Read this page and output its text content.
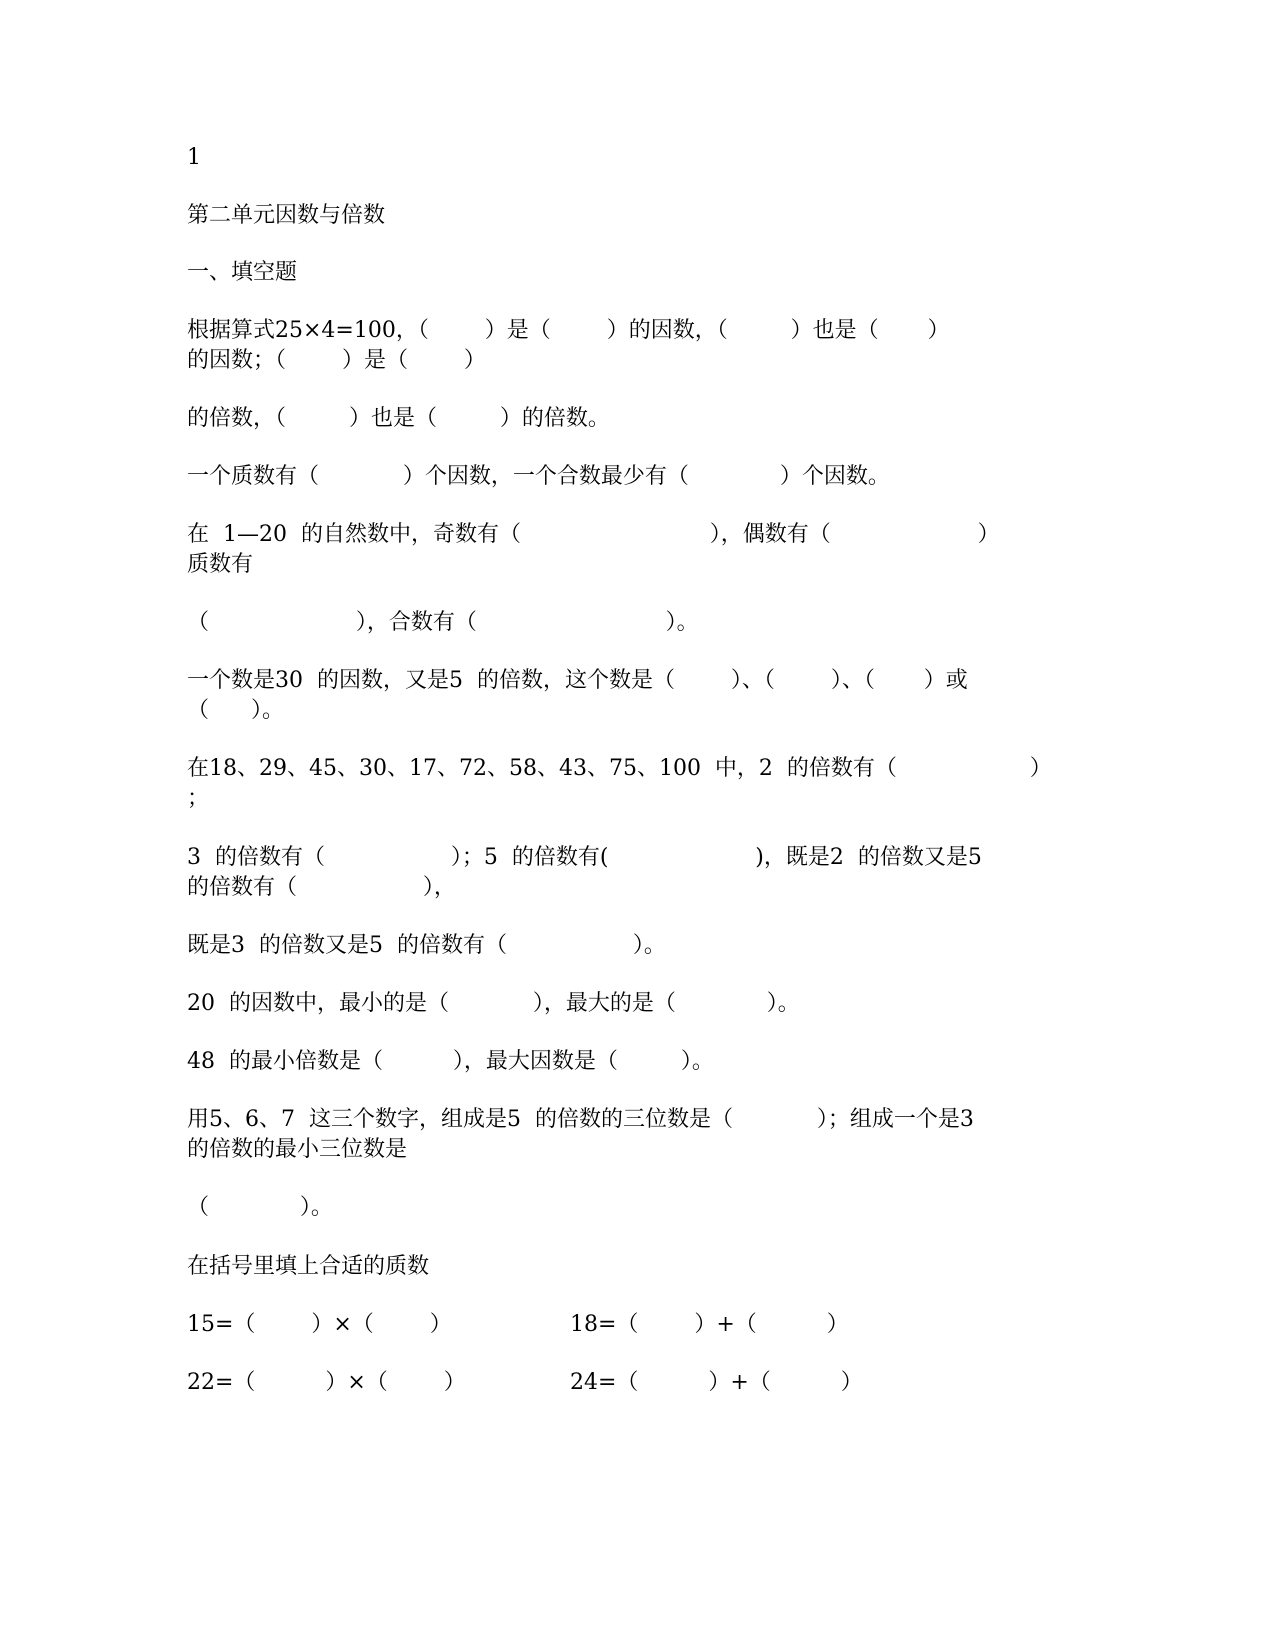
1
第二单元因数与倍数
一、填空题
根据算式25×4=100，（        ）是（        ）的因数，（         ）也是（       ）
的因数；（        ）是（        ）
的倍数，（         ）也是（         ）的倍数。
一个质数有（            ）个因数，一个合数最少有（             ）个因数。
在  1—20  的自然数中，奇数有（                           ），偶数有（                     ）
质数有
（                     ），合数有（                           ）。
一个数是30  的因数，又是5  的倍数，这个数是（        ）、（        ）、（       ）或
（      ）。
在18、29、45、30、17、72、58、43、75、100  中，2  的倍数有（                   ）
；
3  的倍数有（                  ）；5  的倍数有(                     )，既是2  的倍数又是5
的倍数有（                  ），
既是3  的倍数又是5  的倍数有（                  ）。
20  的因数中，最小的是（            ），最大的是（             ）。
48  的最小倍数是（          ），最大因数是（         ）。
用5、6、7  这三个数字，组成是5  的倍数的三位数是（            ）；组成一个是3
的倍数的最小三位数是
（             ）。
在括号里填上合适的质数
15=（        ）×（        ）	18=（        ）+（          ）
22=（          ）×（        ）	24=（          ）+（          ）
